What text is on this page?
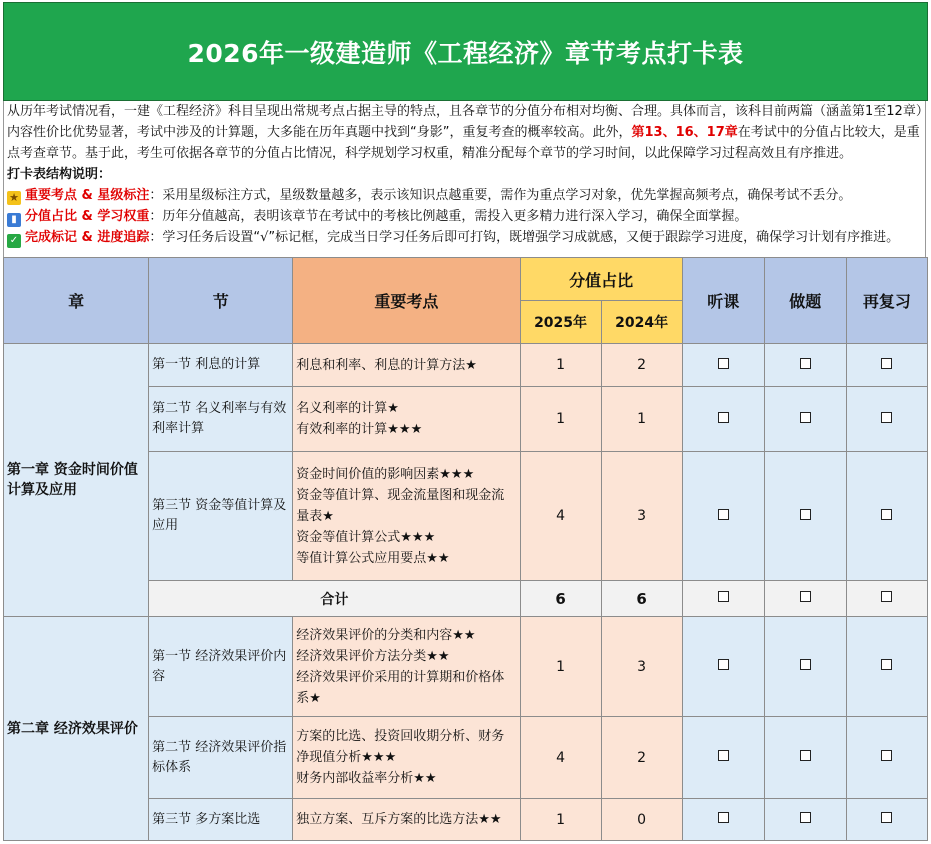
2026年一级建造师《工程经济》章节考点打卡表

从历年考试情况看，一建《工程经济》科目呈现出常规考点占据主导的特点，且各章节的分值分布相对均衡、合理。具体而言，该科目前两篇（涵盖第1至12章）内容性价比优势显著，考试中涉及的计算题，大多能在历年真题中找到“身影”，重复考查的概率较高。此外，第13、16、17章在考试中的分值占比较大，是重点考查章节。基于此，考生可依据各章节的分值占比情况，科学规划学习权重，精准分配每个章节的学习时间，以此保障学习过程高效且有序推进。

打卡表结构说明：

★ 重要考点 & 星级标注：采用星级标注方式，星级数量越多，表示该知识点越重要，需作为重点学习对象，优先掌握高频考点，确保考试不丢分。

▮ 分值占比 & 学习权重：历年分值越高，表明该章节在考试中的考核比例越重，需投入更多精力进行深入学习，确保全面掌握。

✓ 完成标记 & 进度追踪：学习任务后设置“√”标记框，完成当日学习任务后即可打钩，既增强学习成就感，又便于跟踪学习进度，确保学习计划有序推进。

章	节	重要考点	分值占比		听课	做题	再复习
			2025年	2024年			
第一章 资金时间价值计算及应用	第一节 利息的计算	利息和利率、利息的计算方法★	1	2			
	第二节 名义利率与有效利率计算	名义利率的计算★
有效利率的计算★★★	1	1			
	第三节 资金等值计算及应用	资金时间价值的影响因素★★★
资金等值计算、现金流量图和现金流量表★
资金等值计算公式★★★
等值计算公式应用要点★★	4	3			
	合计		6	6			
第二章 经济效果评价	第一节 经济效果评价内容	经济效果评价的分类和内容★★
经济效果评价方法分类★★
经济效果评价采用的计算期和价格体系★	1	3			
	第二节 经济效果评价指标体系	方案的比选、投资回收期分析、财务净现值分析★★★
财务内部收益率分析★★	4	2			
	第三节 多方案比选	独立方案、互斥方案的比选方法★★	1	0			
